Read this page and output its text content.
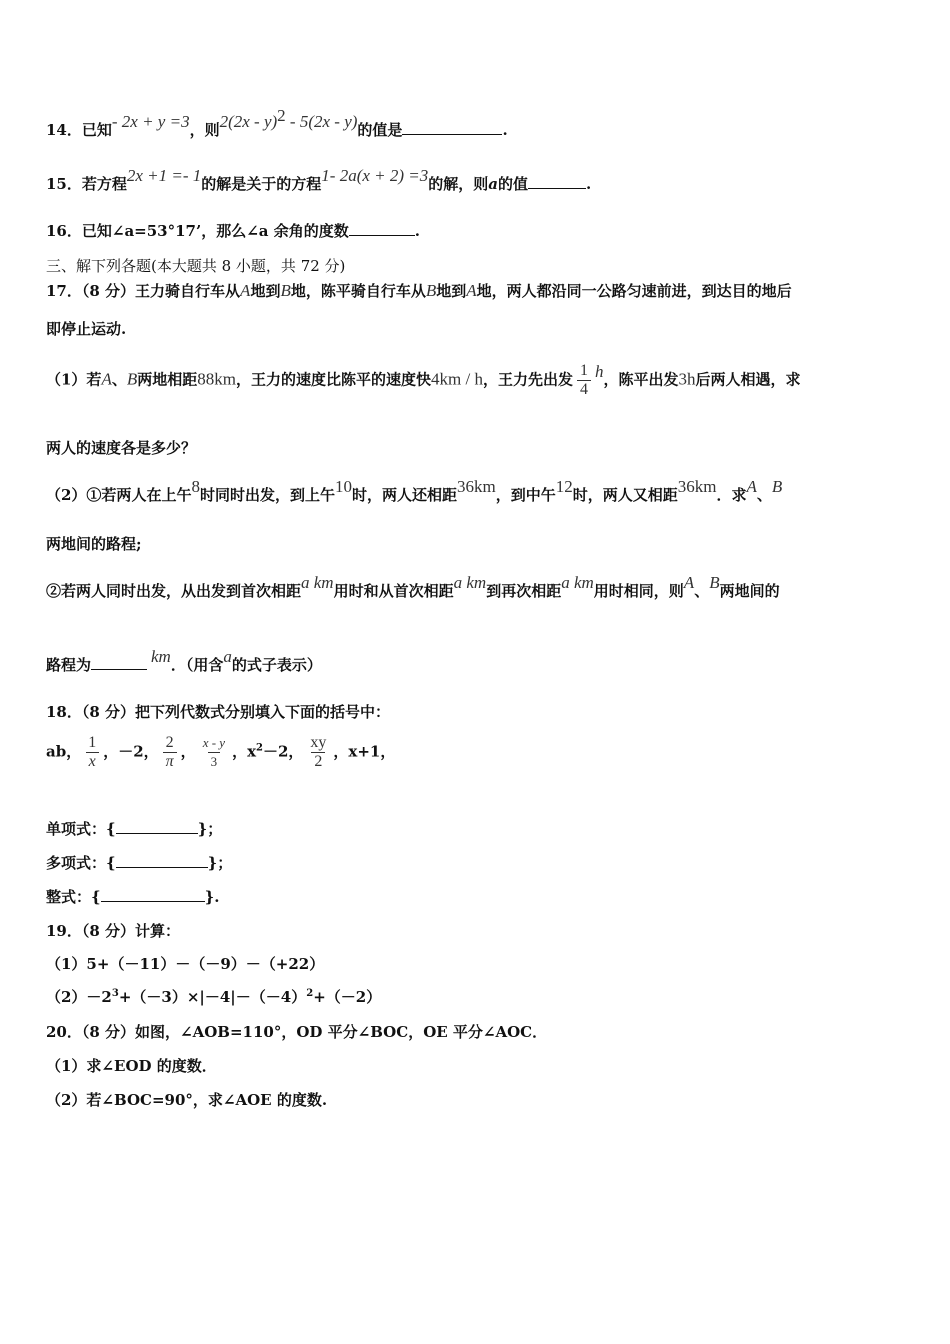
14．已知- 2x + y =3，则2(2x - y)$^2$ - 5(2x - y)的值是	.
15．若方程2x +1 =- 1的解是关于的方程1- 2a(x + 2) =3的解，则a的值	.
16．已知∠a=53°17’，那么∠a 余角的度数	.
三、解下列各题(本大题共 8 小题，共 72 分)
17．（8 分）王力骑自行车从A地到B地，陈平骑自行车从B地到A地，两人都沿同一公路匀速前进，到达目的地后
即停止运动.
（1）若A、B两地相距88km，王力的速度比陈平的速度快4km / h，王力先出发 $\frac{1}{4}$ h，陈平出发3h后两人相遇，求
两人的速度各是多少？
（2）①若两人在上午8时同时出发，到上午10时，两人还相距36km，到中午12时，两人又相距36km．求A、B
两地间的路程;
②若两人同时出发，从出发到首次相距a km用时和从首次相距a km到再次相距a km用时相同，则A、B两地间的
路程为	km．（用含a的式子表示）
18．（8 分）把下列代数式分别填入下面的括号中：
ab， $\frac{1}{x}$ ，－2， $\frac{2}{\pi}$ ， $\frac{x - y}{3}$ ，$x^2-2$， $\frac{xy}{2}$ ，x+1，
单项式：{	}；
多项式：{	}；
整式：{	}.
19．（8 分）计算：
（1）5+（－11）－（－9）－（+22）
$(2)-2^3+(-3)\times|-4|-(-4)^2+(-2)$
20．（8 分）如图，∠AOB=110°，OD 平分∠BOC，OE 平分∠AOC．
（1）求∠EOD 的度数．
（2）若∠BOC=90°，求∠AOE 的度数.
